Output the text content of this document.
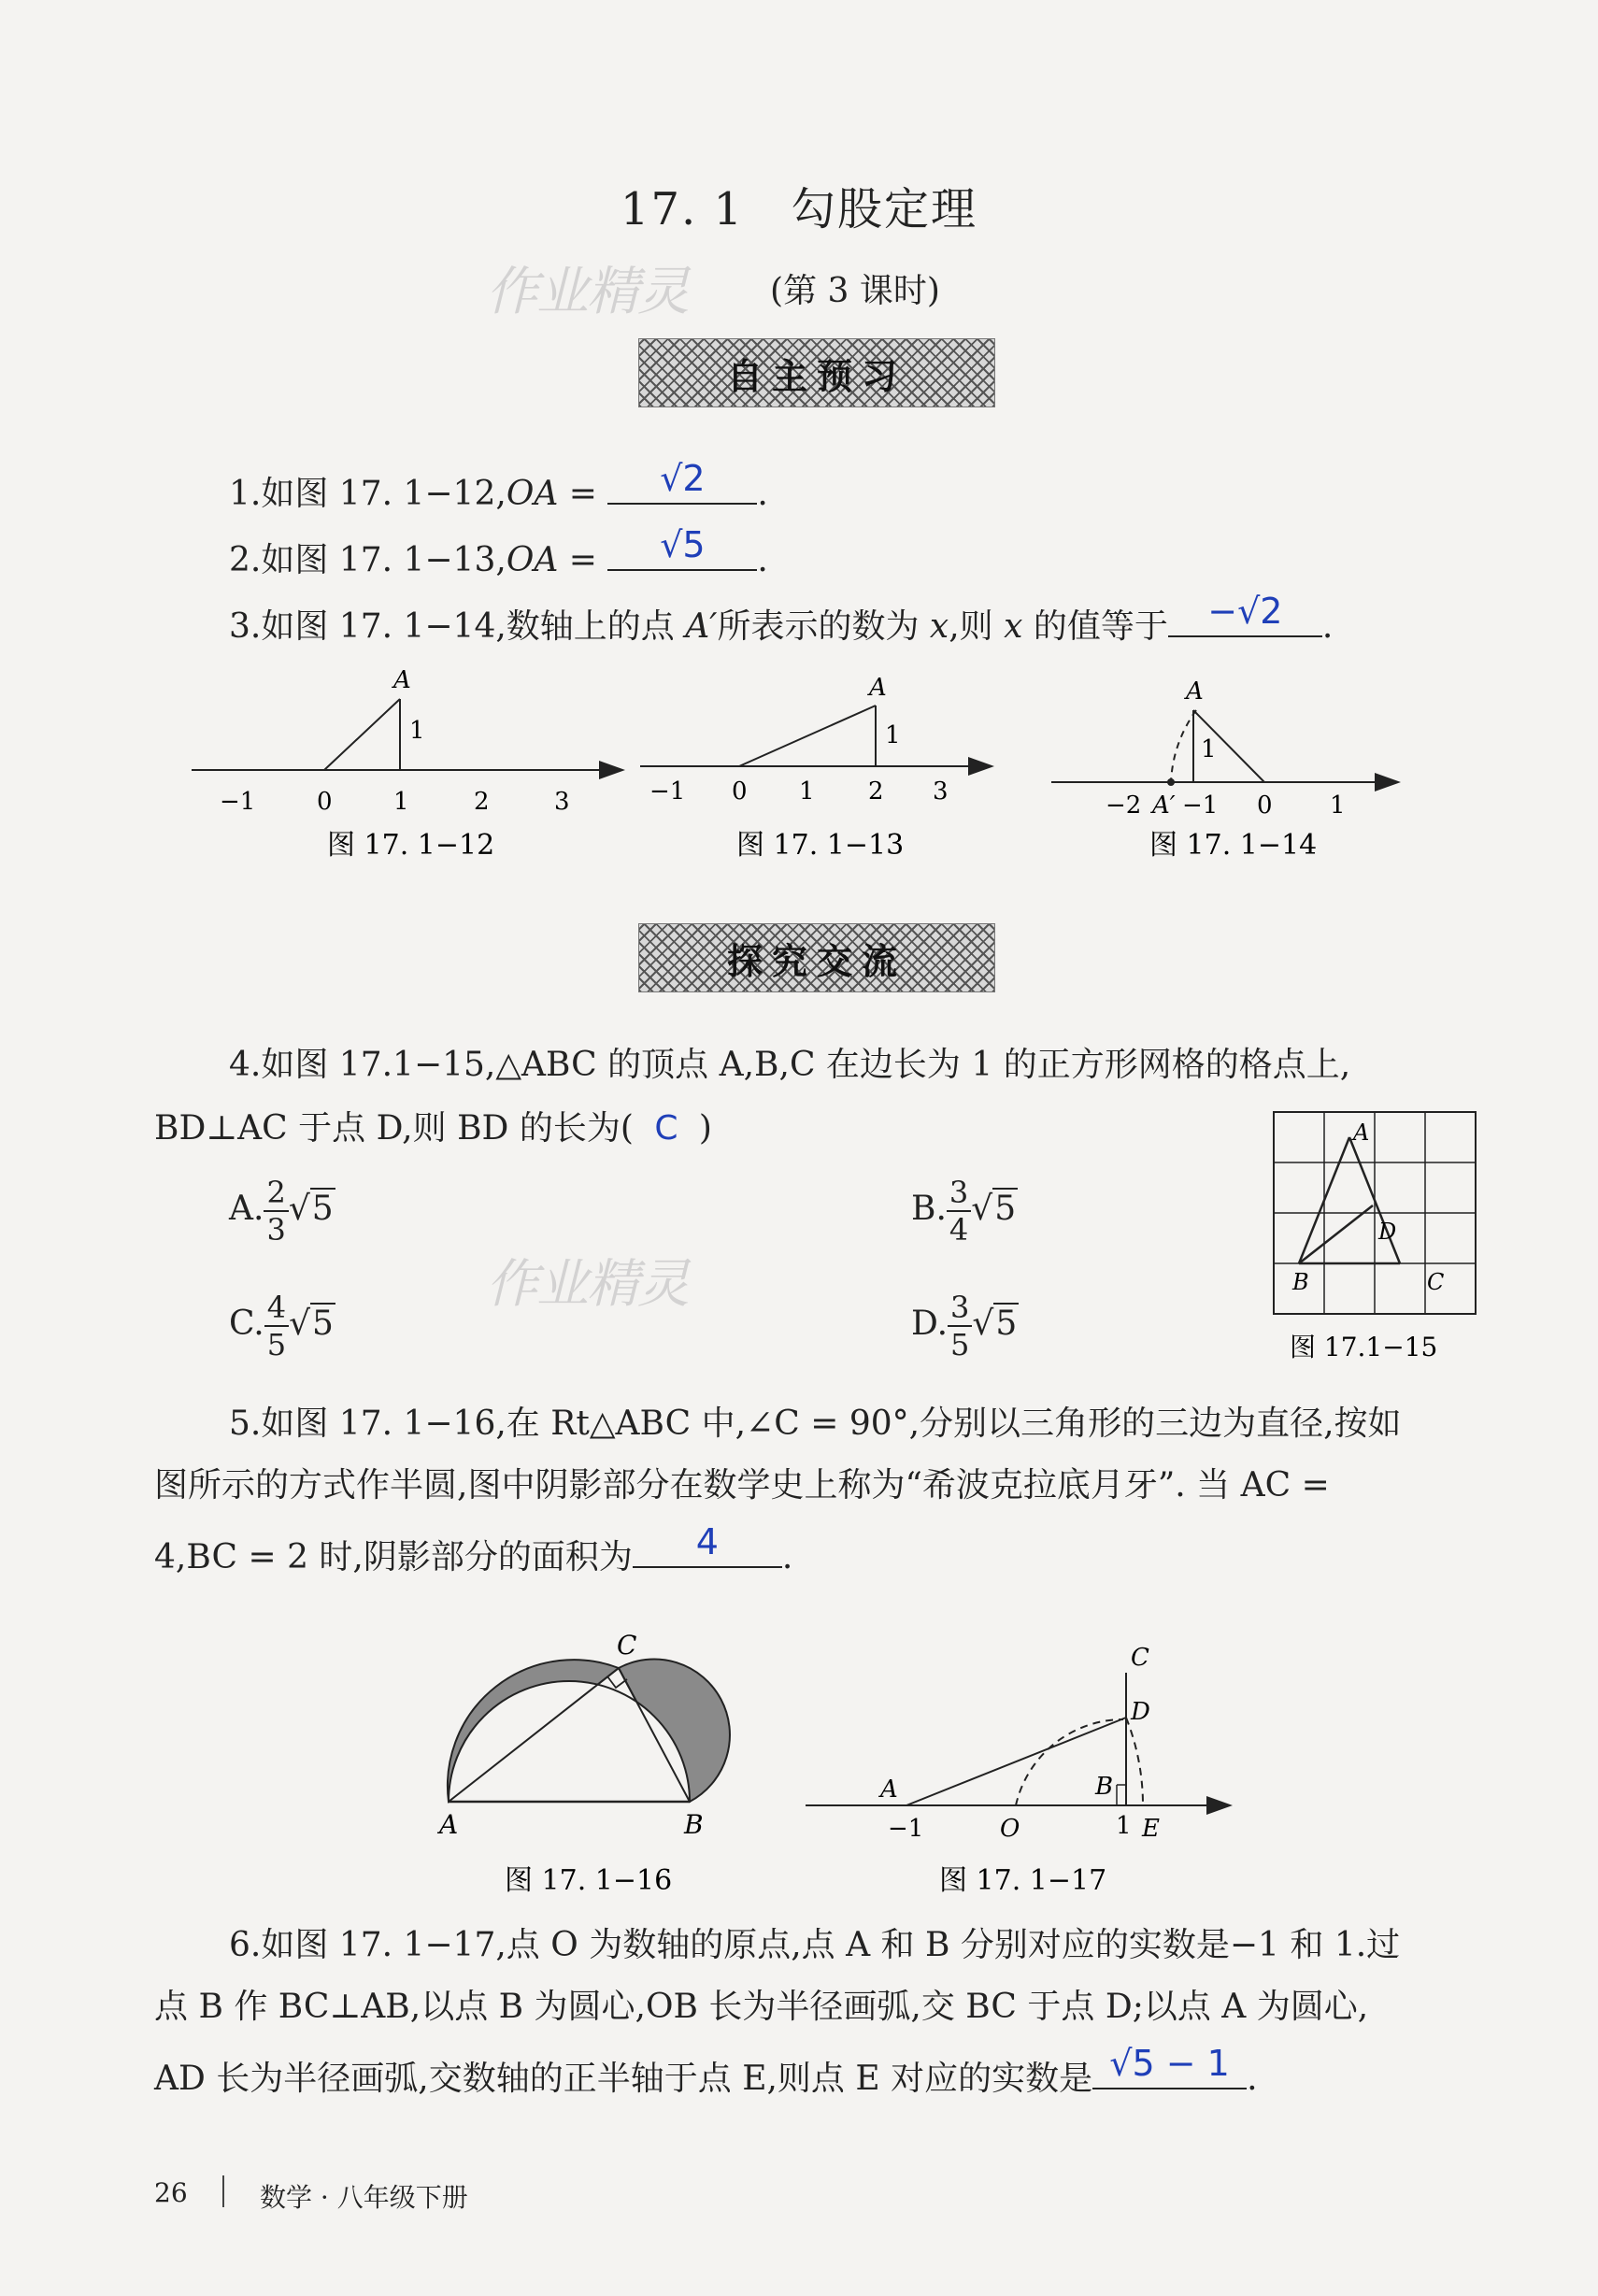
17. 1　勾股定理
作业精灵	(第 3 课时)
自主预习
1.如图 17. 1−12,OA =	√2	.
2.如图 17. 1−13,OA =	√5	.
3.如图 17. 1−14,数轴上的点 A′所表示的数为 x,则 x 的值等于	−√2	.
A
1
−1	0	1	2	3
图 17. 1−12
A
1
−1 0 1 2 3
图 17. 1−13
A
1
−2 A′ −1 0 1
图 17. 1−14
探究交流
4.如图 17.1−15,△ABC 的顶点 A,B,C 在边长为 1 的正方形网格的格点上,
BD⊥AC 于点 D,则 BD 的长为( C )
A. $\frac{2}{3} √5$	B. $\frac{3}{4} √5$
C. $\frac{4}{5} √5$	D. $\frac{3}{5} √5$
作业精灵
A
B	C
D
图 17.1−15
5.如图 17. 1−16,在 Rt△ABC 中,∠C = 90°,分别以三角形的三边为直径,按如
图所示的方式作半圆,图中阴影部分在数学史上称为“希波克拉底月牙”. 当 AC =
4,BC = 2 时,阴影部分的面积为	4	.
A	B
C
图 17. 1−16
C
D
A	B
−1	O	1 E
图 17. 1−17
6.如图 17. 1−17,点 O 为数轴的原点,点 A 和 B 分别对应的实数是−1 和 1.过
点 B 作 BC⊥AB,以点 B 为圆心,OB 长为半径画弧,交 BC 于点 D;以点 A 为圆心,
AD 长为半径画弧,交数轴的正半轴于点 E,则点 E 对应的实数是 √5 − 1 .
26	数学 · 八年级下册
